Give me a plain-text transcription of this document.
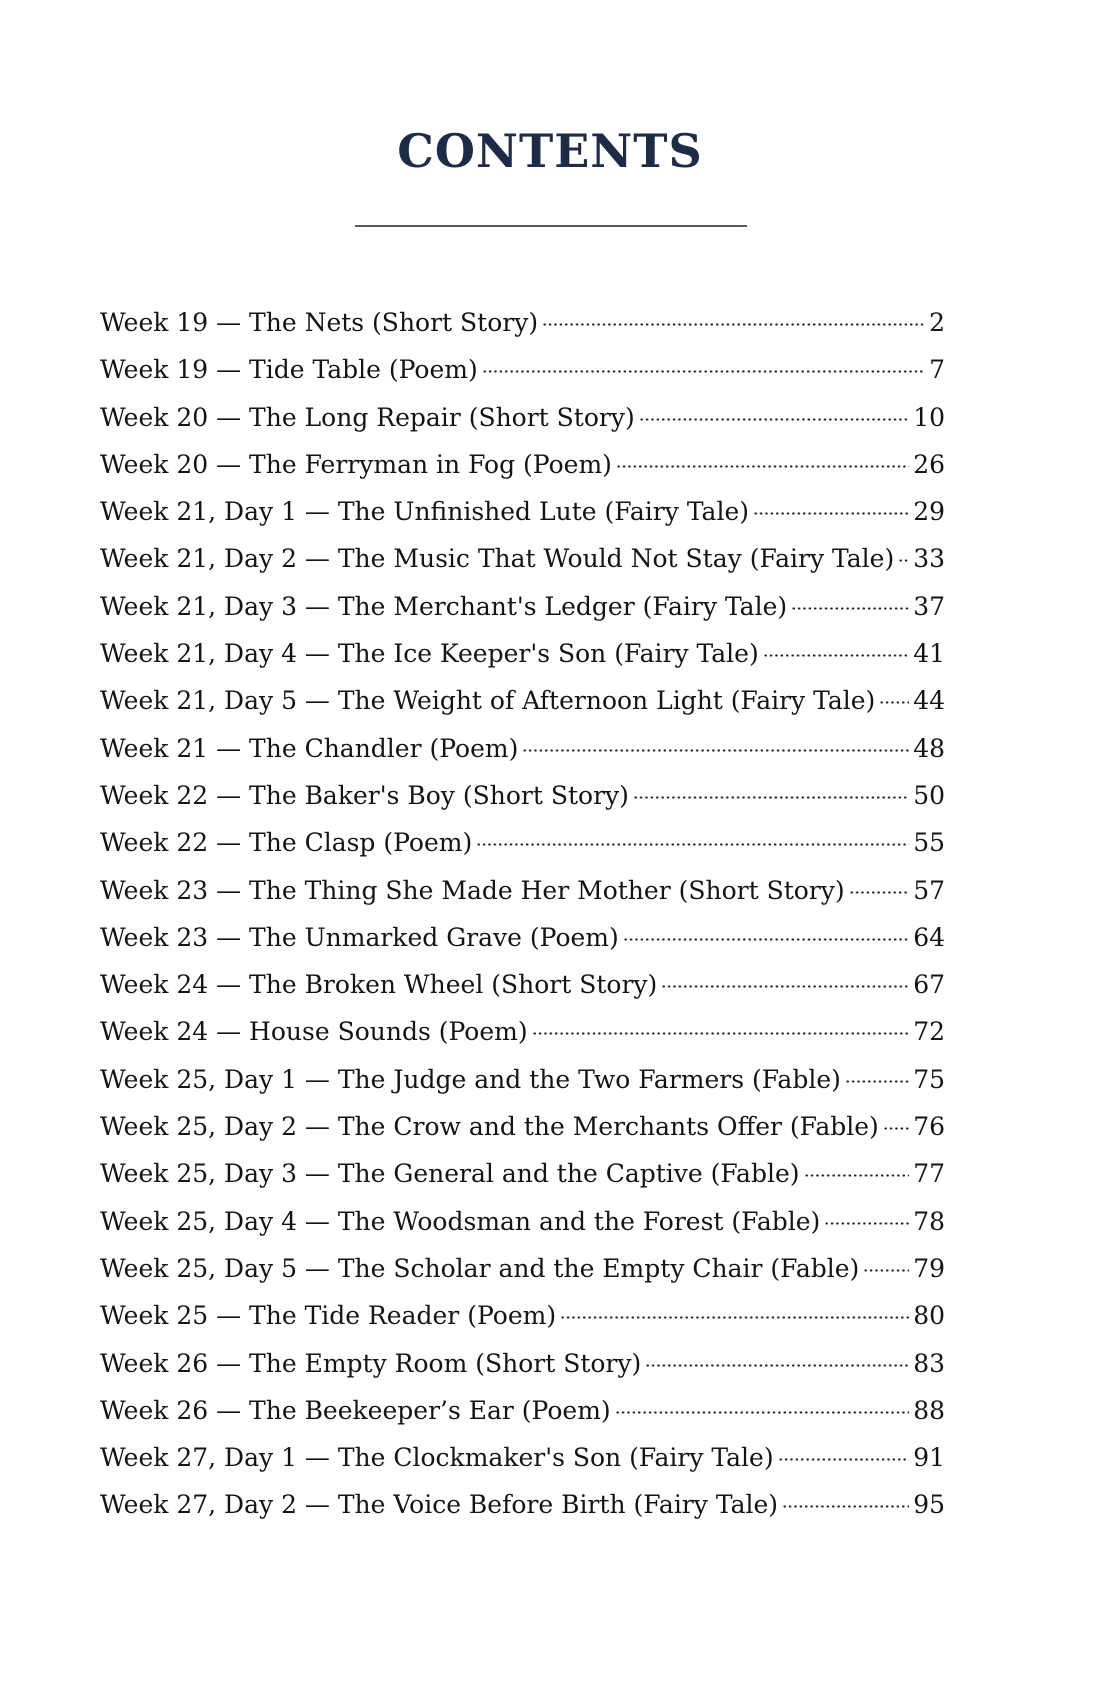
CONTENTS
Week 19 — The Nets (Short Story)	2
Week 19 — Tide Table (Poem)	7
Week 20 — The Long Repair (Short Story)	10
Week 20 — The Ferryman in Fog (Poem)	26
Week 21, Day 1 — The Unfinished Lute (Fairy Tale)	29
Week 21, Day 2 — The Music That Would Not Stay (Fairy Tale) 33
Week 21, Day 3 — The Merchant's Ledger (Fairy Tale)	37
Week 21, Day 4 — The Ice Keeper's Son (Fairy Tale)	41
Week 21, Day 5 — The Weight of Afternoon Light (Fairy Tale) 44
Week 21 — The Chandler (Poem)	48
Week 22 — The Baker's Boy (Short Story)	50
Week 22 — The Clasp (Poem)	55
Week 23 — The Thing She Made Her Mother (Short Story)	57
Week 23 — The Unmarked Grave (Poem)	64
Week 24 — The Broken Wheel (Short Story)	67
Week 24 — House Sounds (Poem)	72
Week 25, Day 1 — The Judge and the Two Farmers (Fable)	75
Week 25, Day 2 — The Crow and the Merchants Offer (Fable) 76
Week 25, Day 3 — The General and the Captive (Fable)	77
Week 25, Day 4 — The Woodsman and the Forest (Fable)	78
Week 25, Day 5 — The Scholar and the Empty Chair (Fable) 79
Week 25 — The Tide Reader (Poem)	80
Week 26 — The Empty Room (Short Story)	83
Week 26 — The Beekeeper’s Ear (Poem)	88
Week 27, Day 1 — The Clockmaker's Son (Fairy Tale)	91
Week 27, Day 2 — The Voice Before Birth (Fairy Tale)	95
